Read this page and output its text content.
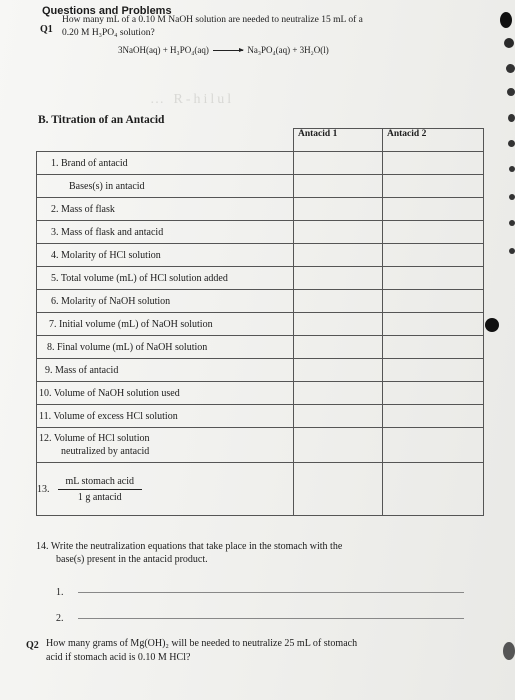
Questions and Problems
Q1
How many mL of a 0.10 M NaOH solution are needed to neutralize 15 mL of a
0.20 M H₃PO₄ solution?
3NaOH(aq) + H₃PO₄(aq) → Na₃PO₄(aq) + 3H₂O(l)
… R-hilul
B. Titration of an Antacid
	Antacid 1	Antacid 2
1. Brand of antacid		
Bases(s) in antacid		
2. Mass of flask		
3. Mass of flask and antacid		
4. Molarity of HCl solution		
5. Total volume (mL) of HCl solution added		
6. Molarity of NaOH solution		
7. Initial volume (mL) of NaOH solution		
8. Final volume (mL) of NaOH solution		
9. Mass of antacid		
10. Volume of NaOH solution used		
11. Volume of excess HCl solution		
12. Volume of HCl solution
neutralized by antacid		
13. $\frac{\text{mL stomach acid}}{\text{1 g antacid}}$

14. Write the neutralization equations that take place in the stomach with the
base(s) present in the antacid product.
1.
2.
Q2 How many grams of Mg(OH)₂ will be needed to neutralize 25 mL of stomach
acid if stomach acid is 0.10 M HCl?
